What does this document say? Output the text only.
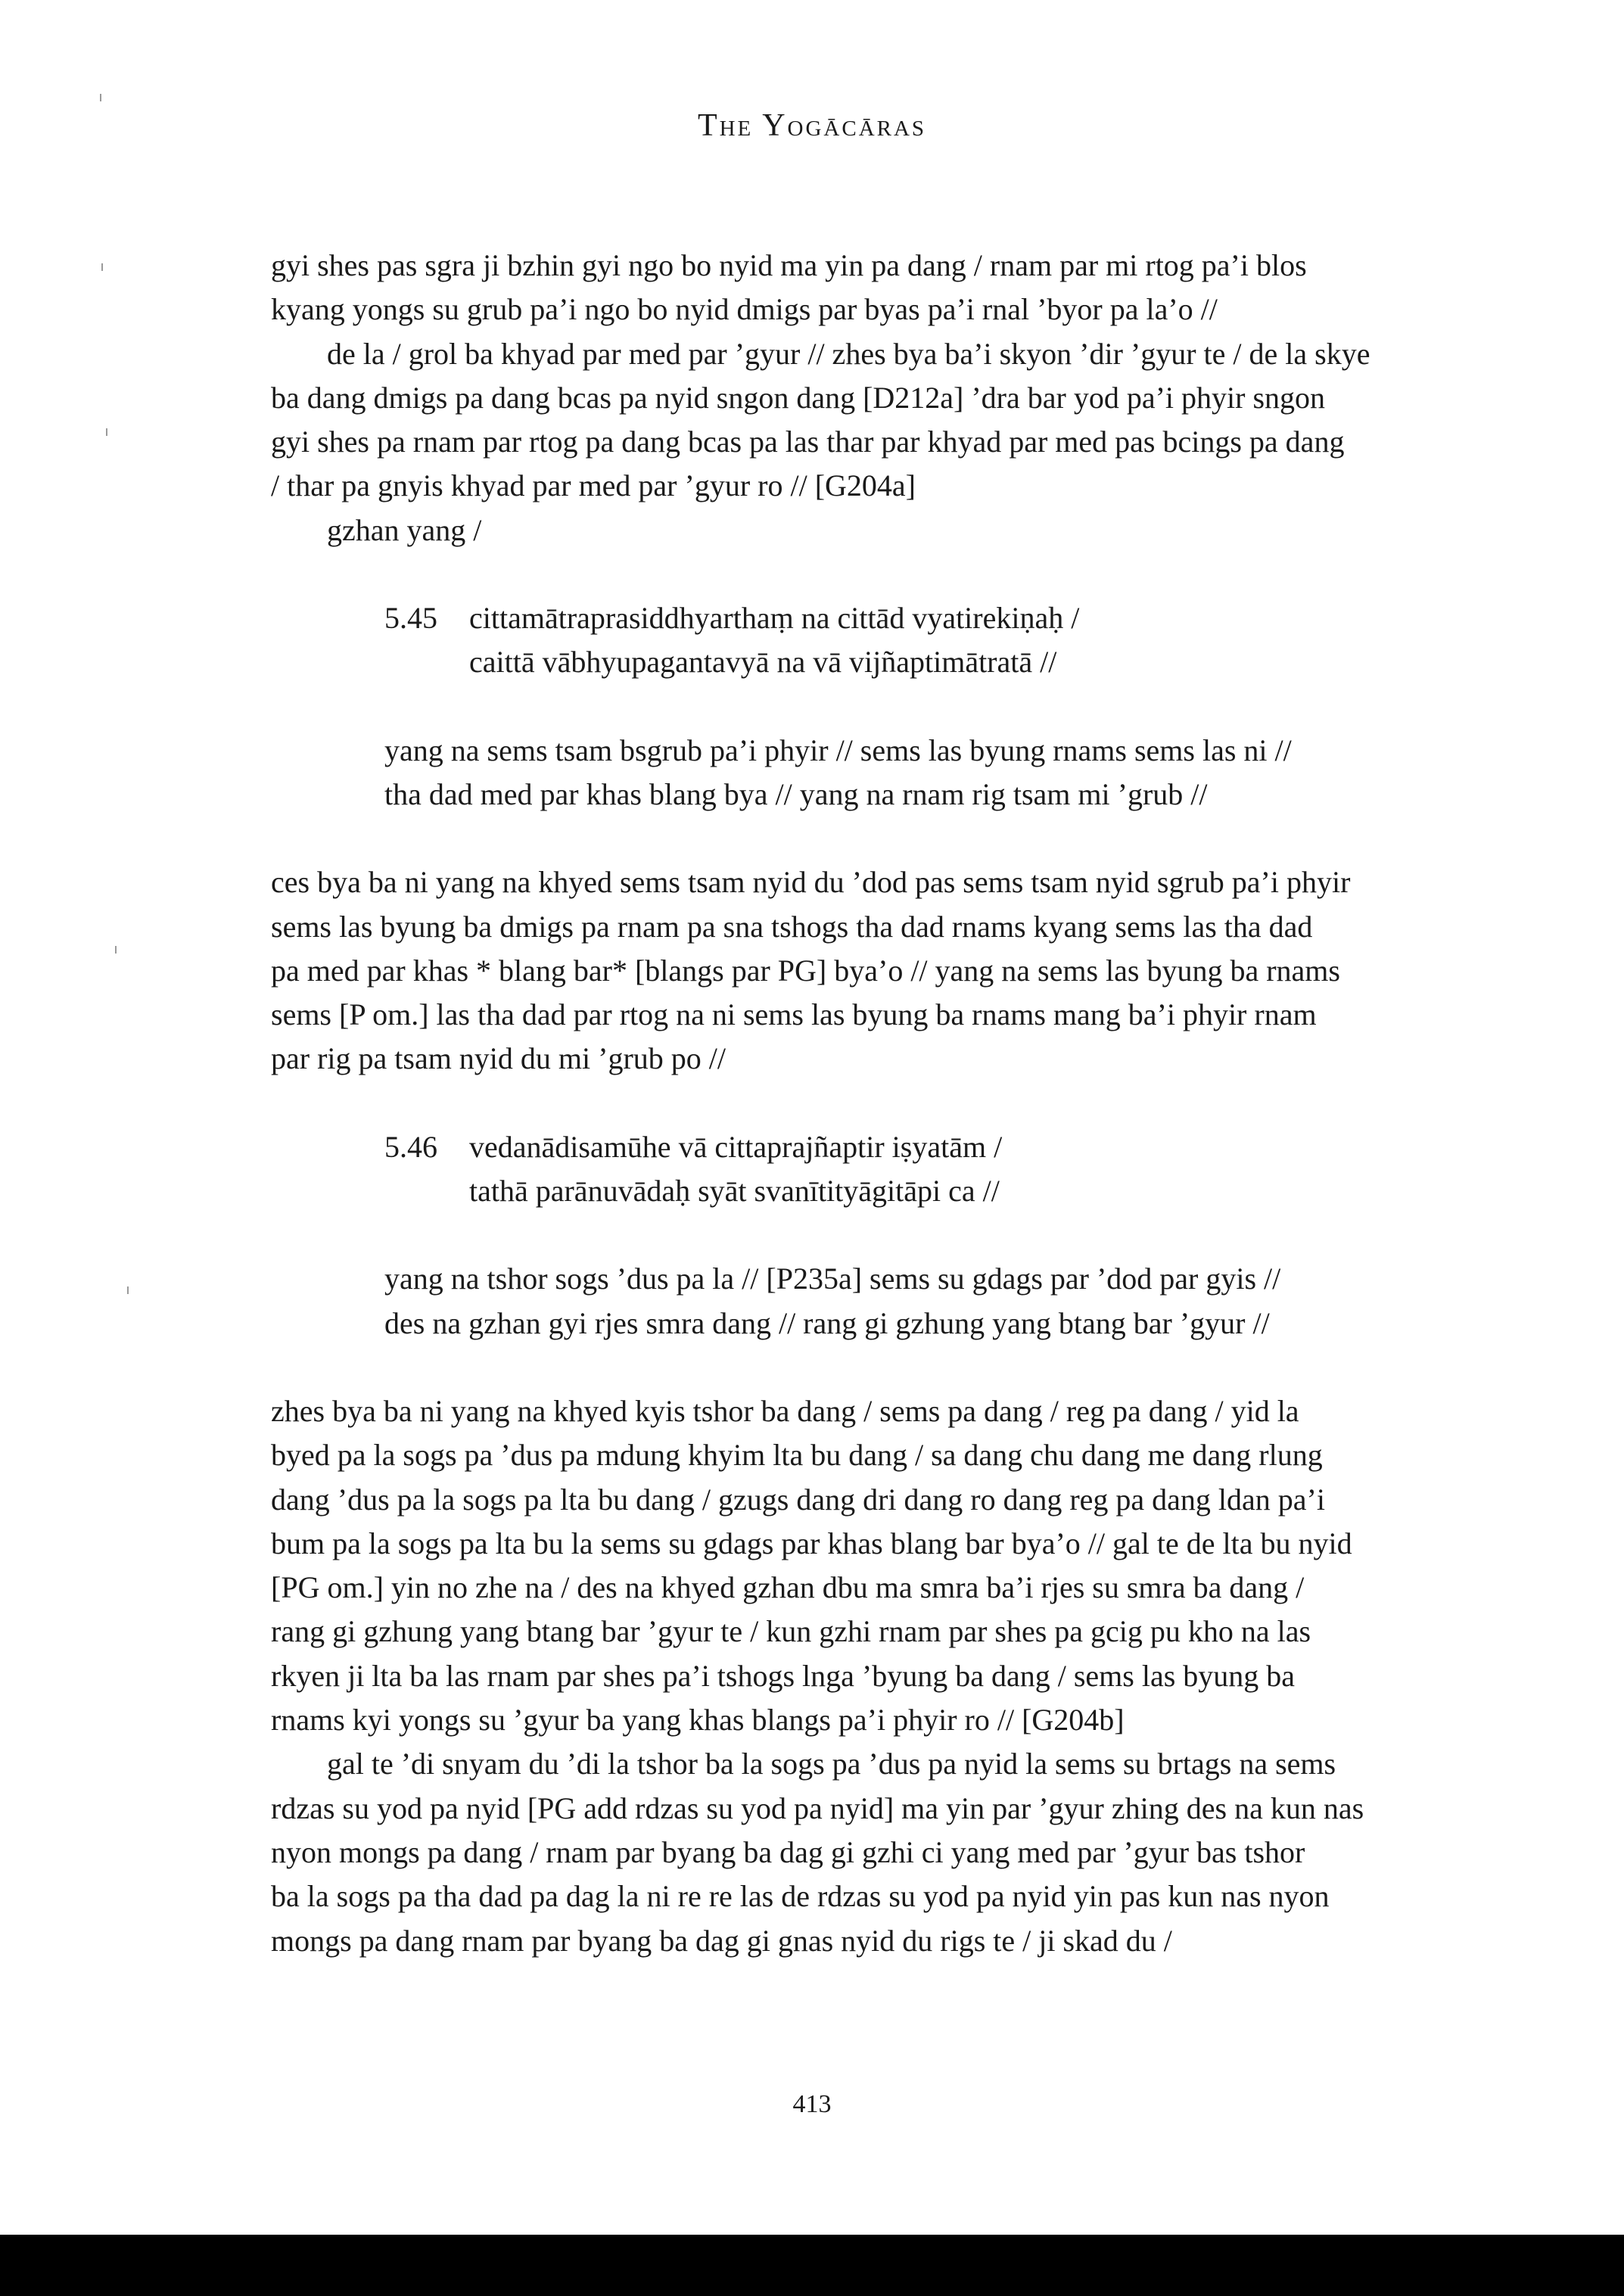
The Yogācāras
gyi shes pas sgra ji bzhin gyi ngo bo nyid ma yin pa dang / rnam par mi rtog pa’i blos
kyang yongs su grub pa’i ngo bo nyid dmigs par byas pa’i rnal ’byor pa la’o //
de la / grol ba khyad par med par ’gyur // zhes bya ba’i skyon ’dir ’gyur te / de la skye
ba dang dmigs pa dang bcas pa nyid sngon dang [D212a] ’dra bar yod pa’i phyir sngon
gyi shes pa rnam par rtog pa dang bcas pa las thar par khyad par med pas bcings pa dang
/ thar pa gnyis khyad par med par ’gyur ro // [G204a]
gzhan yang /
5.45 cittamātraprasiddhyarthaṃ na cittād vyatirekiṇaḥ /
caittā vābhyupagantavyā na vā vijñaptimātratā //
yang na sems tsam bsgrub pa’i phyir // sems las byung rnams sems las ni //
tha dad med par khas blang bya // yang na rnam rig tsam mi ’grub //
ces bya ba ni yang na khyed sems tsam nyid du ’dod pas sems tsam nyid sgrub pa’i phyir
sems las byung ba dmigs pa rnam pa sna tshogs tha dad rnams kyang sems las tha dad
pa med par khas * blang bar* [blangs par PG] bya’o // yang na sems las byung ba rnams
sems [P om.] las tha dad par rtog na ni sems las byung ba rnams mang ba’i phyir rnam
par rig pa tsam nyid du mi ’grub po //
5.46 vedanādisamūhe vā cittaprajñaptir iṣyatām /
tathā parānuvādaḥ syāt svanītityāgitāpi ca //
yang na tshor sogs ’dus pa la // [P235a] sems su gdags par ’dod par gyis //
des na gzhan gyi rjes smra dang // rang gi gzhung yang btang bar ’gyur //
zhes bya ba ni yang na khyed kyis tshor ba dang / sems pa dang / reg pa dang / yid la
byed pa la sogs pa ’dus pa mdung khyim lta bu dang / sa dang chu dang me dang rlung
dang ’dus pa la sogs pa lta bu dang / gzugs dang dri dang ro dang reg pa dang ldan pa’i
bum pa la sogs pa lta bu la sems su gdags par khas blang bar bya’o // gal te de lta bu nyid
[PG om.] yin no zhe na / des na khyed gzhan dbu ma smra ba’i rjes su smra ba dang /
rang gi gzhung yang btang bar ’gyur te / kun gzhi rnam par shes pa gcig pu kho na las
rkyen ji lta ba las rnam par shes pa’i tshogs lnga ’byung ba dang / sems las byung ba
rnams kyi yongs su ’gyur ba yang khas blangs pa’i phyir ro // [G204b]
gal te ’di snyam du ’di la tshor ba la sogs pa ’dus pa nyid la sems su brtags na sems
rdzas su yod pa nyid [PG add rdzas su yod pa nyid] ma yin par ’gyur zhing des na kun nas
nyon mongs pa dang / rnam par byang ba dag gi gzhi ci yang med par ’gyur bas tshor
ba la sogs pa tha dad pa dag la ni re re las de rdzas su yod pa nyid yin pas kun nas nyon
mongs pa dang rnam par byang ba dag gi gnas nyid du rigs te / ji skad du /
413
